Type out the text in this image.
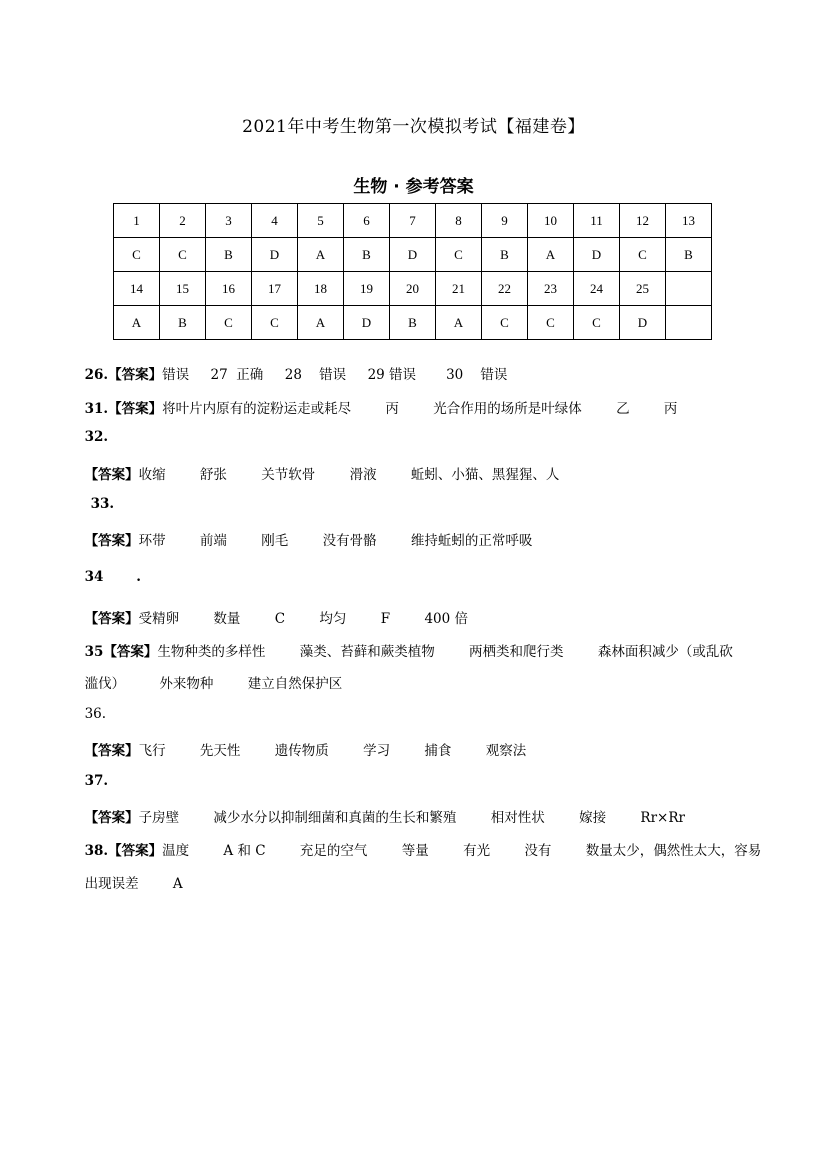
2021年中考生物第一次模拟考试【福建卷】
生物 · 参考答案
1	2	3	4	5	6	7	8	9	10	11	12	13
C	C	B	D	A	B	D	C	B	A	D	C	B
14	15	16	17	18	19	20	21	22	23	24	25	
A	B	C	C	A	D	B	A	C	C	C	D	

26.【答案】错误     27  正确     28    错误     29 错误       30    错误

31.【答案】将叶片内原有的淀粉运走或耗尽        丙        光合作用的场所是叶绿体        乙        丙

32.

【答案】收缩        舒张        关节软骨        滑液        蚯蚓、小猫、黑猩猩、人

33.

【答案】环带        前端        刚毛        没有骨骼        维持蚯蚓的正常呼吸

34       .

【答案】受精卵        数量        C        均匀        F        400 倍

35【答案】生物种类的多样性        藻类、苔藓和蕨类植物        两栖类和爬行类        森林面积减少（或乱砍

滥伐）        外来物种        建立自然保护区

36.

【答案】飞行        先天性        遗传物质        学习        捕食        观察法

37.

【答案】子房壁        减少水分以抑制细菌和真菌的生长和繁殖        相对性状        嫁接        Rr×Rr

38.【答案】温度        A 和 C        充足的空气        等量        有光        没有        数量太少，偶然性太大，容易

出现误差        A
